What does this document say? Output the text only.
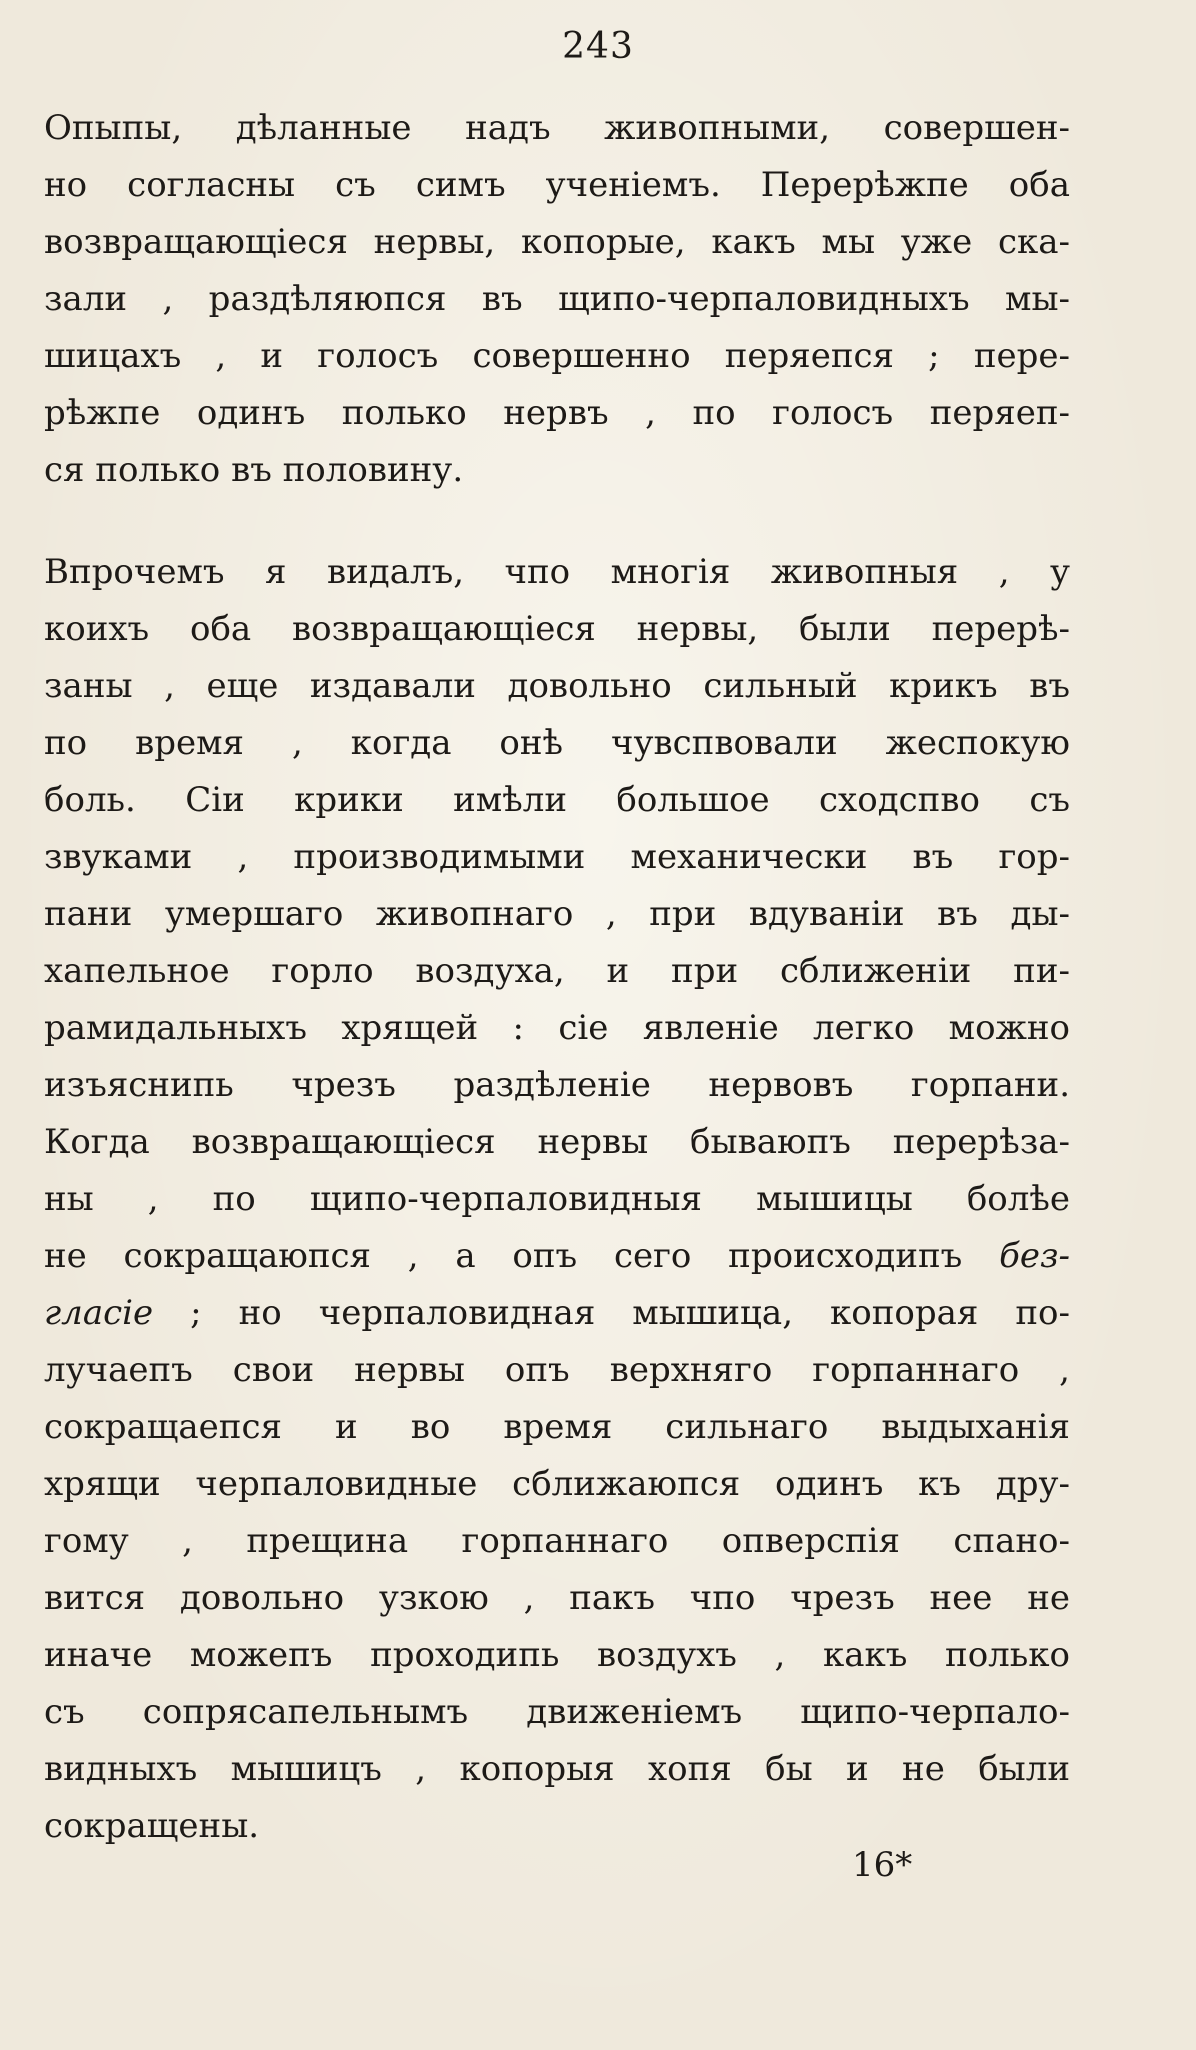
243
Опыпы, дѣланные надъ живопными, совершен-
но согласны съ симъ ученіемъ. Перерѣжпе оба
возвращающіеся нервы, копорые, какъ мы уже ска-
зали , раздѣляюпся въ щипо-черпаловидныхъ мы-
шицахъ , и голосъ совершенно перяепся ; пере-
рѣжпе одинъ полько нервъ , по голосъ перяеп-
ся полько въ половину.
Впрочемъ я видалъ, чпо многія живопныя , у
коихъ оба возвращающіеся нервы, были перерѣ-
заны , еще издавали довольно сильный крикъ въ
по время , когда онѣ чувспвовали жеспокую
боль. Сіи крики имѣли большое сходспво съ
звуками , производимыми механически въ гор-
пани умершаго живопнаго , при вдуваніи въ ды-
хапельное горло воздуха, и при сближеніи пи-
рамидальныхъ хрящей : сіе явленіе легко можно
изъяснипь чрезъ раздѣленіе нервовъ горпани.
Когда возвращающіеся нервы бываюпъ перерѣза-
ны , по щипо-черпаловидныя мышицы болѣе
не сокращаюпся , а опъ сего происходипъ без-
гласіе ; но черпаловидная мышица, копорая по-
лучаепъ свои нервы опъ верхняго горпаннаго ,
сокращаепся и во время сильнаго выдыханія
хрящи черпаловидные сближаюпся одинъ къ дру-
гому , прещина горпаннаго опверспія спано-
вится довольно узкою , пакъ чпо чрезъ нее не
иначе можепъ проходипь воздухъ , какъ полько
съ сопрясапельнымъ движеніемъ щипо-черпало-
видныхъ мышицъ , копорыя хопя бы и не были
сокращены.
16*
